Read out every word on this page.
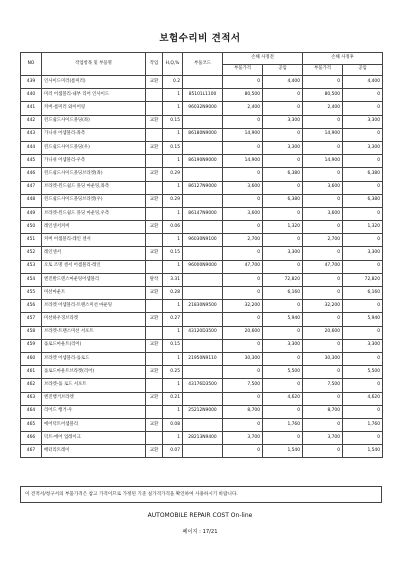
보험수리비 견적서
NO	작업항목 및 부품명	작업	H,Q,%	부품코드	손해 사정전		손해 사정후	
					부품가격	공임	부품가격	공임
439	인사이드미러(룸미러)	교환	0.2		0	4,400	0	4,400
440	미러 어셈블리-내부 리어 인사이드		1	85101L1100	80,500	0	80,500	0
441	커버-룸미러 와이어링		1	96032N9000	2,400	0	2,400	0
442	윈드쉴드사이드몰딩(좌)	교환	0.15		0	3,300	0	3,300
443	가니쉬 어셈블리-좌측		1	86180N9000	14,900	0	14,900	0
444	윈드쉴드사이드몰딩(우)	교환	0.15		0	3,300	0	3,300
445	가니쉬 어셈블리-우측		1	86190N9000	14,900	0	14,900	0
446	윈드쉴드사이드몰딩브라켓(좌)	교환	0.29		0	6,380	0	6,380
447	브라켓-윈드쉴드 몰딩 마운팅,좌측		1	86127N9000	3,600	0	3,600	0
448	윈드쉴드사이드몰딩브라켓(우)	교환	0.29		0	6,380	0	6,380
449	브라켓-윈드쉴드 몰딩 마운팅,우측		1	86147N9000	3,600	0	3,600	0
450	레인센서커버	교환	0.06		0	1,320	0	1,320
451	커버 어셈블리-레인 센서		1	96030N9100	2,700	0	2,700	0
452	레인센서	교환	0.15		0	3,300	0	3,300
453	오토 조명 센서 어셈블리-레인		1	96000N9000	47,700	0	47,700	0
454	엔진발드덴스마운팅어셈블리	탈착	3.31		0	72,820	0	72,820
455	미션마운트	교환	0.28		0	6,160	0	6,160
456	브라켓 어셈블리-트랜스미션 마운팅		1	21830N9500	32,200	0	32,200	0
457	미션하우징브라켓	교환	0.27		0	5,940	0	5,940
458	브라켓-트랜스미션 서포트		1	43120D3500	20,600	0	20,600	0
459	롤로드마운트(리어)	교환	0.15		0	3,300	0	3,300
460	브라켓 어셈블리-롤로드		1	21950N9110	30,300	0	30,300	0
461	롤로드마운트브라켓(리어)	교환	0.25		0	5,500	0	5,500
462	브라켓-롤 로드 서포트		1	43176D3500	7,500	0	7,500	0
463	엔진행거브라켓	교환	0.21		0	4,620	0	4,620
464	리어드 행거-우		1	25212N9000	8,700	0	8,700	0
465	에어덕트어셈블리	교환	0.08		0	1,760	0	1,760
466	덕트-에어 업레이크		1	28213N9400	3,700	0	3,700	0
467	배터리트레이	교환	0.07		0	1,540	0	1,540
이 견적서/청구서의 부품가격은 참고 가격이므로 가정된 기준 실가격가격을 확인하여 사용하시기 바랍니다.
AUTOMOBILE REPAIR COST On-line
페이지 : 17/21
